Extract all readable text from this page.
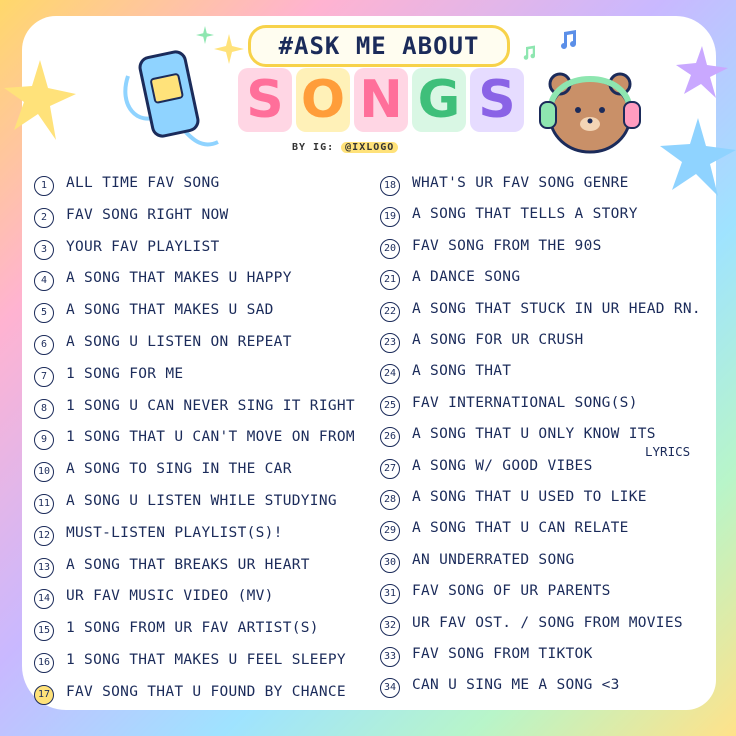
#ASK ME ABOUT
S O N G S
BY IG: @IXLOGO
1	ALL TIME FAV SONG
2	FAV SONG RIGHT NOW
3	YOUR FAV PLAYLIST
4	A SONG THAT MAKES U HAPPY
5	A SONG THAT MAKES U SAD
6	A SONG U LISTEN ON REPEAT
7	1 SONG FOR ME
8	1 SONG U CAN NEVER SING IT RIGHT
9	1 SONG THAT U CAN'T MOVE ON FROM
10 A SONG TO SING IN THE CAR
11 A SONG U LISTEN WHILE STUDYING
12 MUST-LISTEN PLAYLIST(S)!
13 A SONG THAT BREAKS UR HEART
14 UR FAV MUSIC VIDEO (MV)
15 1 SONG FROM UR FAV ARTIST(S)
16 1 SONG THAT MAKES U FEEL SLEEPY
17 FAV SONG THAT U FOUND BY CHANCE
18 WHAT'S UR FAV SONG GENRE
19 A SONG THAT TELLS A STORY
20 FAV SONG FROM THE 90S
21 A DANCE SONG
22 A SONG THAT STUCK IN UR HEAD RN.
23 A SONG FOR UR CRUSH
24 A SONG THAT
25 FAV INTERNATIONAL SONG(S)
26 A SONG THAT U ONLY KNOW ITS
27 A SONG W/ GOOD VIBES
28 A SONG THAT U USED TO LIKE
29 A SONG THAT U CAN RELATE
30 AN UNDERRATED SONG
31 FAV SONG OF UR PARENTS
32 UR FAV OST. / SONG FROM MOVIES
33 FAV SONG FROM TIKTOK
34 CAN U SING ME A SONG <3
LYRICS
